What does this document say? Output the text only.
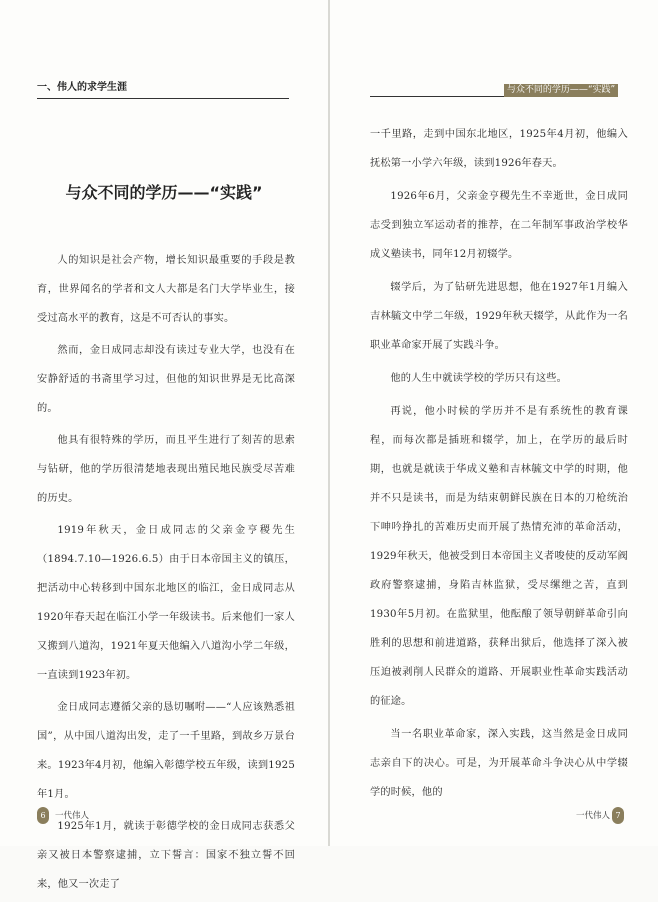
一、伟人的求学生涯
与众不同的学历——“实践”

人的知识是社会产物，增长知识最重要的手段是教育，世界闻名的学者和文人大都是名门大学毕业生，接受过高水平的教育，这是不可否认的事实。

然而，金日成同志却没有读过专业大学，也没有在安静舒适的书斋里学习过，但他的知识世界是无比高深的。

他具有很特殊的学历，而且平生进行了刻苦的思索与钻研，他的学历很清楚地表现出殖民地民族受尽苦难的历史。

1919年秋天，金日成同志的父亲金亨稷先生（1894.7.10—1926.6.5）由于日本帝国主义的镇压，把活动中心转移到中国东北地区的临江，金日成同志从1920年春天起在临江小学一年级读书。后来他们一家人又搬到八道沟，1921年夏天他编入八道沟小学二年级，一直读到1923年初。

金日成同志遵循父亲的恳切嘱咐——“人应该熟悉祖国”，从中国八道沟出发，走了一千里路，到故乡万景台来。1923年4月初，他编入彰德学校五年级，读到1925年1月。

1925年1月，就读于彰德学校的金日成同志获悉父亲又被日本警察逮捕，立下誓言：国家不独立誓不回来，他又一次走了

6	一代伟人
与众不同的学历——“实践”

一千里路，走到中国东北地区，1925年4月初，他编入抚松第一小学六年级，读到1926年春天。

1926年6月，父亲金亨稷先生不幸逝世，金日成同志受到独立军运动者的推荐，在二年制军事政治学校华成义塾读书，同年12月初辍学。

辍学后，为了钻研先进思想，他在1927年1月编入吉林毓文中学二年级，1929年秋天辍学，从此作为一名职业革命家开展了实践斗争。

他的人生中就读学校的学历只有这些。

再说，他小时候的学历并不是有系统性的教育课程，而每次都是插班和辍学，加上，在学历的最后时期，也就是就读于华成义塾和吉林毓文中学的时期，他并不只是读书，而是为结束朝鲜民族在日本的刀枪统治下呻吟挣扎的苦难历史而开展了热情充沛的革命活动，1929年秋天，他被受到日本帝国主义者唆使的反动军阀政府警察逮捕，身陷吉林监狱，受尽缧绁之苦，直到1930年5月初。在监狱里，他酝酿了领导朝鲜革命引向胜利的思想和前进道路，获释出狱后，他选择了深入被压迫被剥削人民群众的道路、开展职业性革命实践活动的征途。

当一名职业革命家，深入实践，这当然是金日成同志亲自下的决心。可是，为开展革命斗争决心从中学辍学的时候，他的

一代伟人 7
